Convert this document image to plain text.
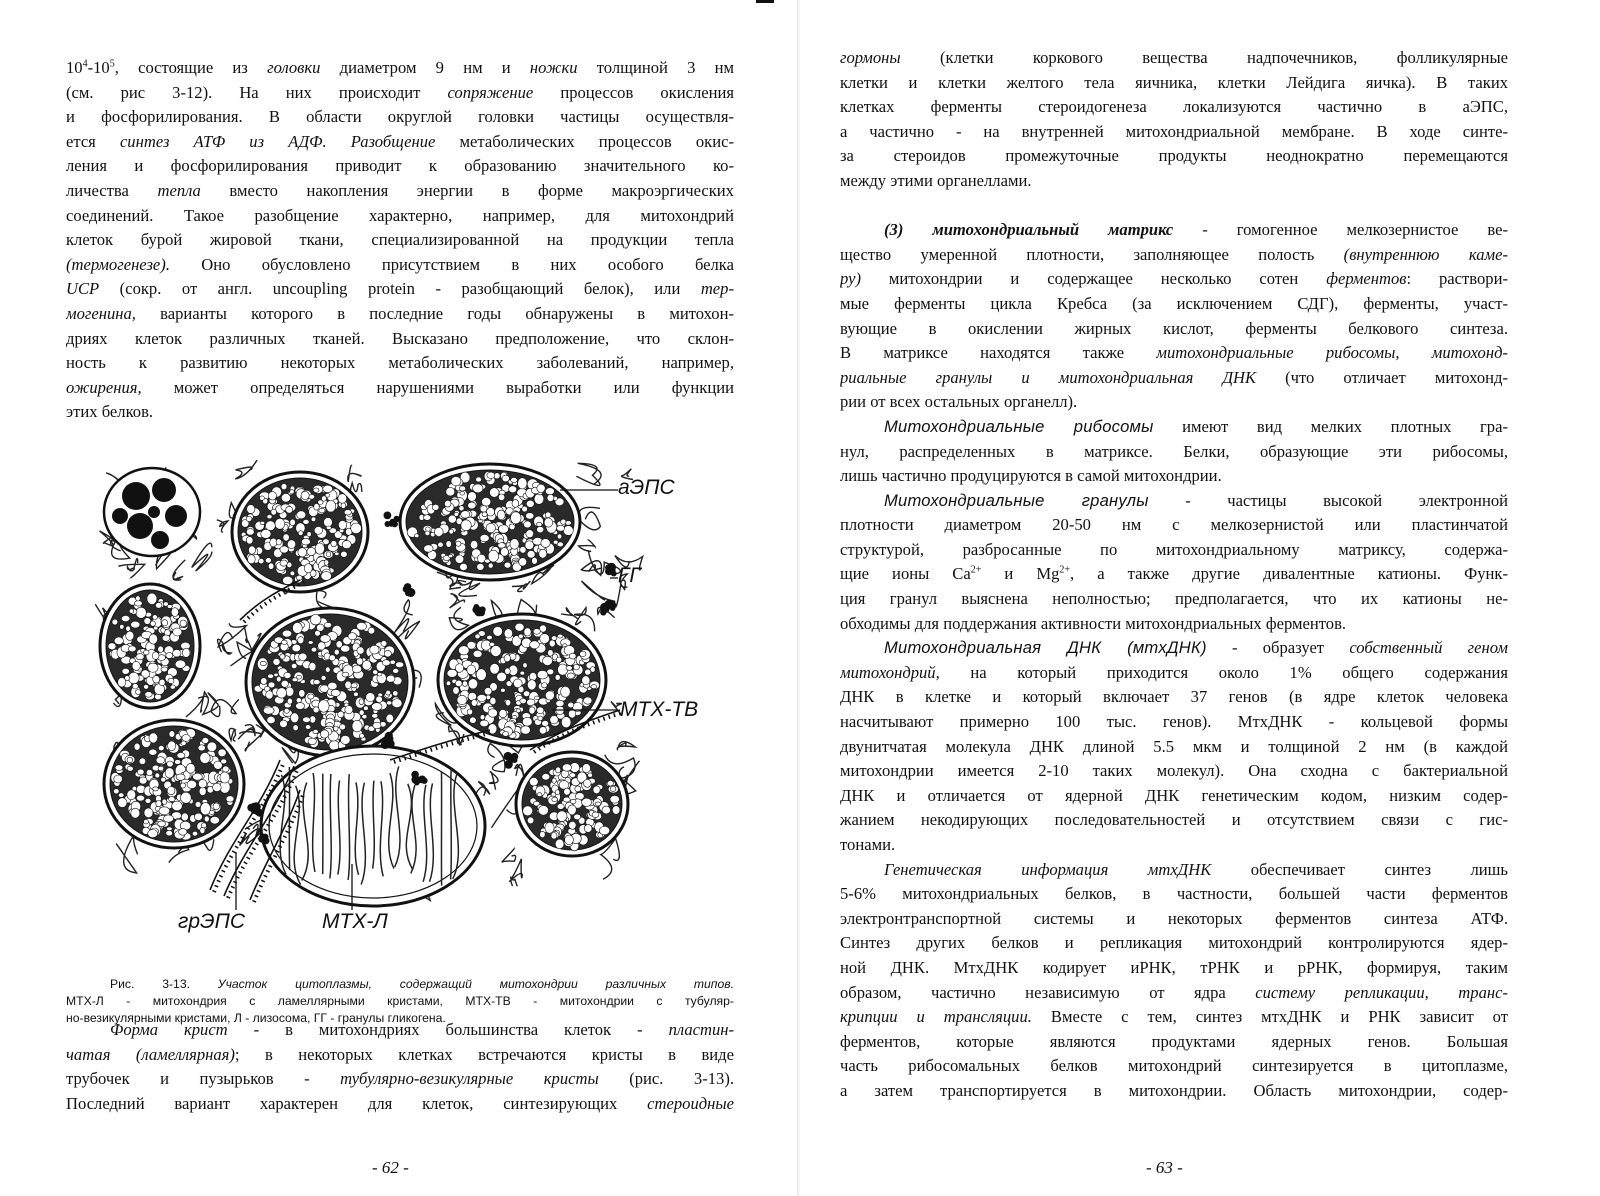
$10^4-10^5$, состоящие из головки диаметром 9 нм и ножки толщиной 3 нм
(см. рис 3-12). На них происходит сопряжение процессов окисления
и фосфорилирования. В области округлой головки частицы осуществля-
ется синтез АТФ из АДФ. Разобщение метаболических процессов окис-
ления и фосфорилирования приводит к образованию значительного ко-
личества тепла вместо накопления энергии в форме макроэргических
соединений. Такое разобщение характерно, например, для митохондрий
клеток бурой жировой ткани, специализированной на продукции тепла
(термогенезе). Оно обусловлено присутствием в них особого белка
UCP (сокр. от англ. uncoupling protein - разобщающий белок), или тер-
могенина, варианты которого в последние годы обнаружены в митохон-
дриях клеток различных тканей. Высказано предположение, что склон-
ность к развитию некоторых метаболических заболеваний, например,
ожирения, может определяться нарушениями выработки или функции
этих белков.
аЭПС
ГГ
МТХ-ТВ
грЭПС	МТХ-Л
Рис. 3-13. Участок цитоплазмы, содержащий митохондрии различных типов.
МТХ-Л - митохондрия с ламеллярными кристами, МТХ-ТВ - митохондрии с тубуляр-
но-везикулярными кристами, Л - лизосома, ГГ - гранулы гликогена.
Форма крист - в митохондриях большинства клеток - пластин-
чатая (ламеллярная); в некоторых клетках встречаются кристы в виде
трубочек и пузырьков - тубулярно-везикулярные кристы (рис. 3-13).
Последний вариант характерен для клеток, синтезирующих стероидные
- 62 -
гормоны (клетки коркового вещества надпочечников, фолликулярные
клетки и клетки желтого тела яичника, клетки Лейдига яичка). В таких
клетках ферменты стероидогенеза локализуются частично в аЭПС,
а частично - на внутренней митохондриальной мембране. В ходе синте-
за стероидов промежуточные продукты неоднократно перемещаются
между этими органеллами.

(3) митохондриальный матрикс - гомогенное мелкозернистое ве-
щество умеренной плотности, заполняющее полость (внутреннюю каме-
ру) митохондрии и содержащее несколько сотен ферментов: раствори-
мые ферменты цикла Кребса (за исключением СДГ), ферменты, участ-
вующие в окислении жирных кислот, ферменты белкового синтеза.
В матриксе находятся также митохондриальные рибосомы, митохонд-
риальные гранулы и митохондриальная ДНК (что отличает митохонд-
рии от всех остальных органелл).
Митохондриальные рибосомы имеют вид мелких плотных гра-
нул, распределенных в матриксе. Белки, образующие эти рибосомы,
лишь частично продуцируются в самой митохондрии.
Митохондриальные гранулы - частицы высокой электронной
плотности диаметром 20-50 нм с мелкозернистой или пластинчатой
структурой, разбросанные по митохондриальному матриксу, содержа-
щие ионы $Са^{2+}$ и $Mg^{2+}$, а также другие дивалентные катионы. Функ-
ция гранул выяснена неполностью; предполагается, что их катионы не-
обходимы для поддержания активности митохондриальных ферментов.
Митохондриальная ДНК (мтхДНК) - образует собственный геном
митохондрий, на который приходится около 1% общего содержания
ДНК в клетке и который включает 37 генов (в ядре клеток человека
насчитывают примерно 100 тыс. генов). МтхДНК - кольцевой формы
двунитчатая молекула ДНК длиной 5.5 мкм и толщиной 2 нм (в каждой
митохондрии имеется 2-10 таких молекул). Она сходна с бактериальной
ДНК и отличается от ядерной ДНК генетическим кодом, низким содер-
жанием некодирующих последовательностей и отсутствием связи с гис-
тонами.
Генетическая информация мтхДНК обеспечивает синтез лишь
5-6% митохондриальных белков, в частности, большей части ферментов
электронтранспортной системы и некоторых ферментов синтеза АТФ.
Синтез других белков и репликация митохондрий контролируются ядер-
ной ДНК. МтхДНК кодирует иРНК, тРНК и рРНК, формируя, таким
образом, частично независимую от ядра систему репликации, транс-
крипции и трансляции. Вместе с тем, синтез мтхДНК и РНК зависит от
ферментов, которые являются продуктами ядерных генов. Большая
часть рибосомальных белков митохондрий синтезируется в цитоплазме,
а затем транспортируется в митохондрии. Область митохондрии, содер-
- 63 -
